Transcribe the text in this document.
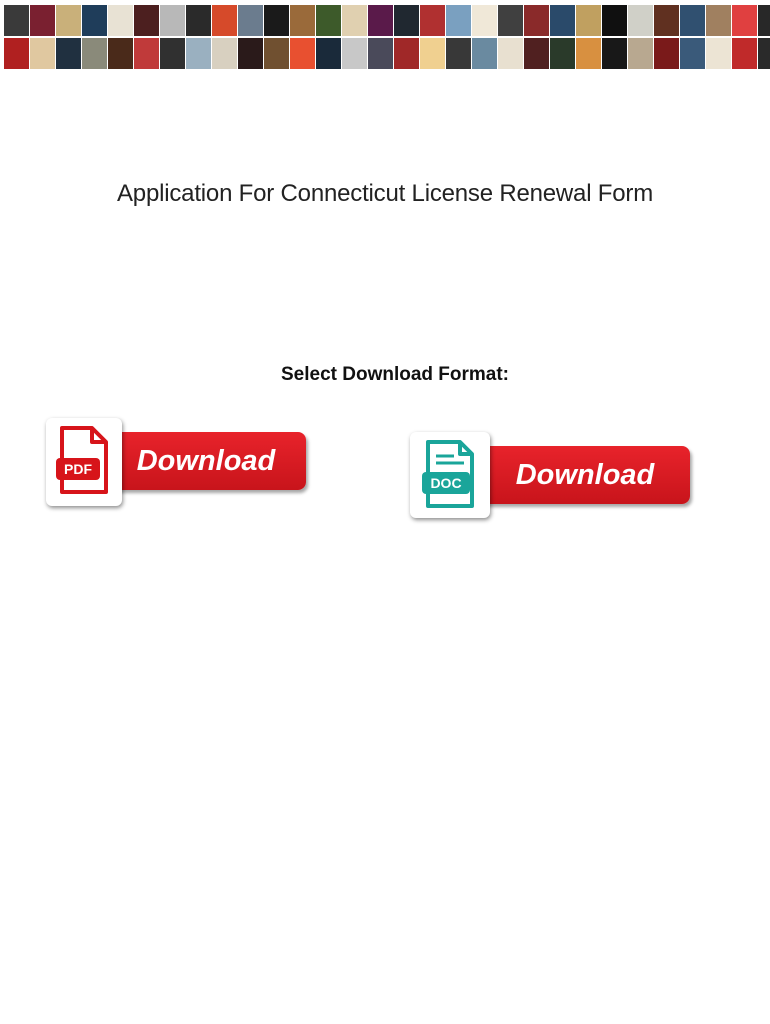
Application For Connecticut License Renewal Form
Select Download Format:
Download
PDF	Download
DOC
